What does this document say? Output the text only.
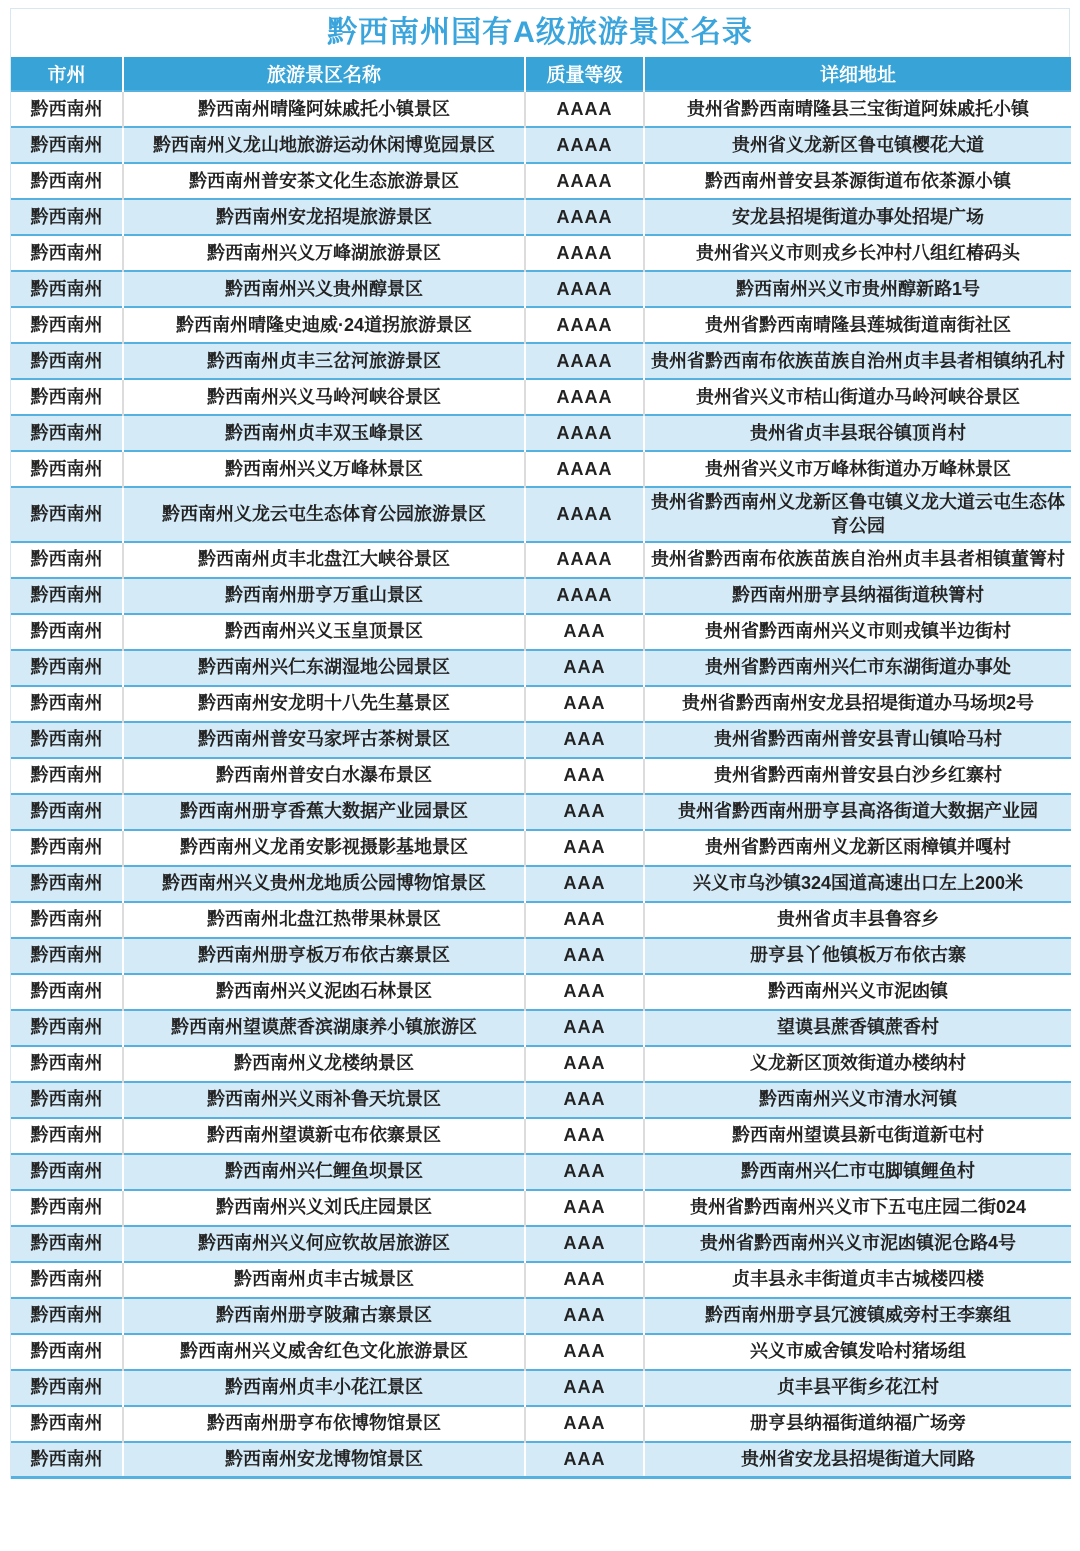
黔西南州国有A级旅游景区名录
市州	旅游景区名称	质量等级	详细地址
黔西南州	黔西南州晴隆阿妹戚托小镇景区	AAAA	贵州省黔西南晴隆县三宝街道阿妹戚托小镇
黔西南州	黔西南州义龙山地旅游运动休闲博览园景区	AAAA	贵州省义龙新区鲁屯镇樱花大道
黔西南州	黔西南州普安茶文化生态旅游景区	AAAA	黔西南州普安县茶源街道布依茶源小镇
黔西南州	黔西南州安龙招堤旅游景区	AAAA	安龙县招堤街道办事处招堤广场
黔西南州	黔西南州兴义万峰湖旅游景区	AAAA	贵州省兴义市则戎乡长冲村八组红椿码头
黔西南州	黔西南州兴义贵州醇景区	AAAA	黔西南州兴义市贵州醇新路1号
黔西南州	黔西南州晴隆史迪威·24道拐旅游景区	AAAA	贵州省黔西南晴隆县莲城街道南街社区
黔西南州	黔西南州贞丰三岔河旅游景区	AAAA	贵州省黔西南布依族苗族自治州贞丰县者相镇纳孔村
黔西南州	黔西南州兴义马岭河峡谷景区	AAAA	贵州省兴义市桔山街道办马岭河峡谷景区
黔西南州	黔西南州贞丰双玉峰景区	AAAA	贵州省贞丰县珉谷镇顶肖村
黔西南州	黔西南州兴义万峰林景区	AAAA	贵州省兴义市万峰林街道办万峰林景区
黔西南州	黔西南州义龙云屯生态体育公园旅游景区	AAAA	贵州省黔西南州义龙新区鲁屯镇义龙大道云屯生态体育公园
黔西南州	黔西南州贞丰北盘江大峡谷景区	AAAA	贵州省黔西南布依族苗族自治州贞丰县者相镇董箐村
黔西南州	黔西南州册亨万重山景区	AAAA	黔西南州册亨县纳福街道秧箐村
黔西南州	黔西南州兴义玉皇顶景区	AAA	贵州省黔西南州兴义市则戎镇半边街村
黔西南州	黔西南州兴仁东湖湿地公园景区	AAA	贵州省黔西南州兴仁市东湖街道办事处
黔西南州	黔西南州安龙明十八先生墓景区	AAA	贵州省黔西南州安龙县招堤街道办马场坝2号
黔西南州	黔西南州普安马家坪古茶树景区	AAA	贵州省黔西南州普安县青山镇哈马村
黔西南州	黔西南州普安白水瀑布景区	AAA	贵州省黔西南州普安县白沙乡红寨村
黔西南州	黔西南州册亨香蕉大数据产业园景区	AAA	贵州省黔西南州册亨县高洛街道大数据产业园
黔西南州	黔西南州义龙甬安影视摄影基地景区	AAA	贵州省黔西南州义龙新区雨樟镇并嘎村
黔西南州	黔西南州兴义贵州龙地质公园博物馆景区	AAA	兴义市乌沙镇324国道高速出口左上200米
黔西南州	黔西南州北盘江热带果林景区	AAA	贵州省贞丰县鲁容乡
黔西南州	黔西南州册亨板万布依古寨景区	AAA	册亨县丫他镇板万布依古寨
黔西南州	黔西南州兴义泥凼石林景区	AAA	黔西南州兴义市泥凼镇
黔西南州	黔西南州望谟蔗香滨湖康养小镇旅游区	AAA	望谟县蔗香镇蔗香村
黔西南州	黔西南州义龙楼纳景区	AAA	义龙新区顶效街道办楼纳村
黔西南州	黔西南州兴义雨补鲁天坑景区	AAA	黔西南州兴义市清水河镇
黔西南州	黔西南州望谟新屯布依寨景区	AAA	黔西南州望谟县新屯街道新屯村
黔西南州	黔西南州兴仁鲤鱼坝景区	AAA	黔西南州兴仁市屯脚镇鲤鱼村
黔西南州	黔西南州兴义刘氏庄园景区	AAA	贵州省黔西南州兴义市下五屯庄园二街024
黔西南州	黔西南州兴义何应钦故居旅游区	AAA	贵州省黔西南州兴义市泥凼镇泥仓路4号
黔西南州	黔西南州贞丰古城景区	AAA	贞丰县永丰街道贞丰古城楼四楼
黔西南州	黔西南州册亨陂鼐古寨景区	AAA	黔西南州册亨县冗渡镇威旁村王李寨组
黔西南州	黔西南州兴义威舍红色文化旅游景区	AAA	兴义市威舍镇发哈村猪场组
黔西南州	黔西南州贞丰小花江景区	AAA	贞丰县平街乡花江村
黔西南州	黔西南州册亨布依博物馆景区	AAA	册亨县纳福街道纳福广场旁
黔西南州	黔西南州安龙博物馆景区	AAA	贵州省安龙县招堤街道大同路
